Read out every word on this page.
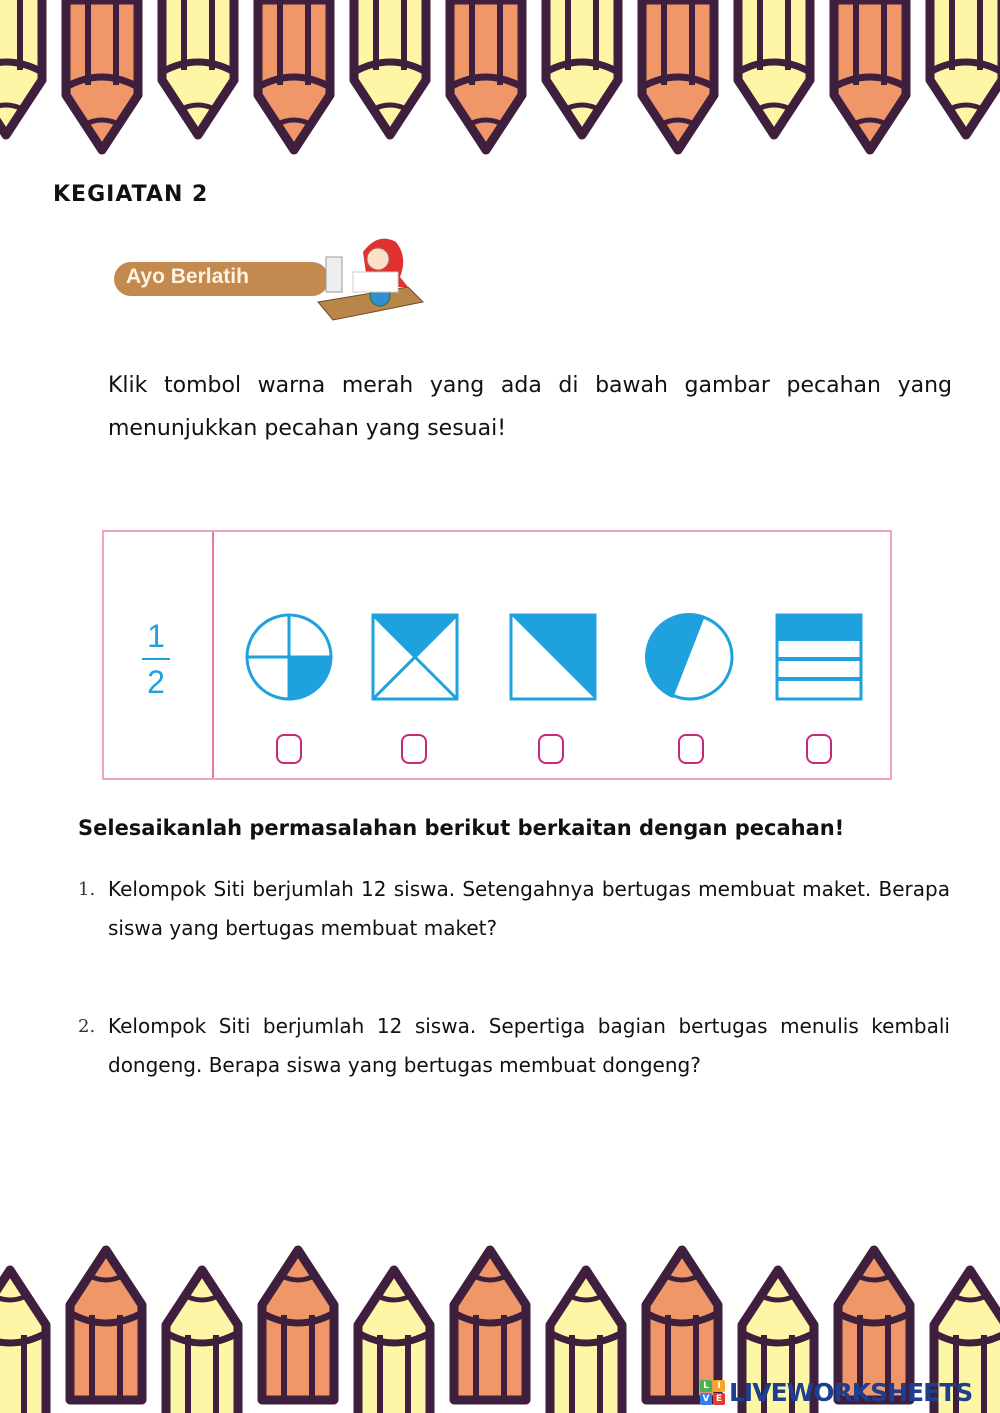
KEGIATAN 2
Ayo Berlatih
Klik tombol warna merah yang ada di bawah gambar pecahan yang
menunjukkan pecahan yang sesuai!
1
2
Selesaikanlah permasalahan berikut berkaitan dengan pecahan!
1. Kelompok Siti berjumlah 12 siswa. Setengahnya bertugas membuat maket. Berapa siswa yang bertugas membuat maket?
2. Kelompok Siti berjumlah 12 siswa. Sepertiga bagian bertugas menulis kembali dongeng. Berapa siswa yang bertugas membuat dongeng?
L I
V E LIVEWORKSHEETS
